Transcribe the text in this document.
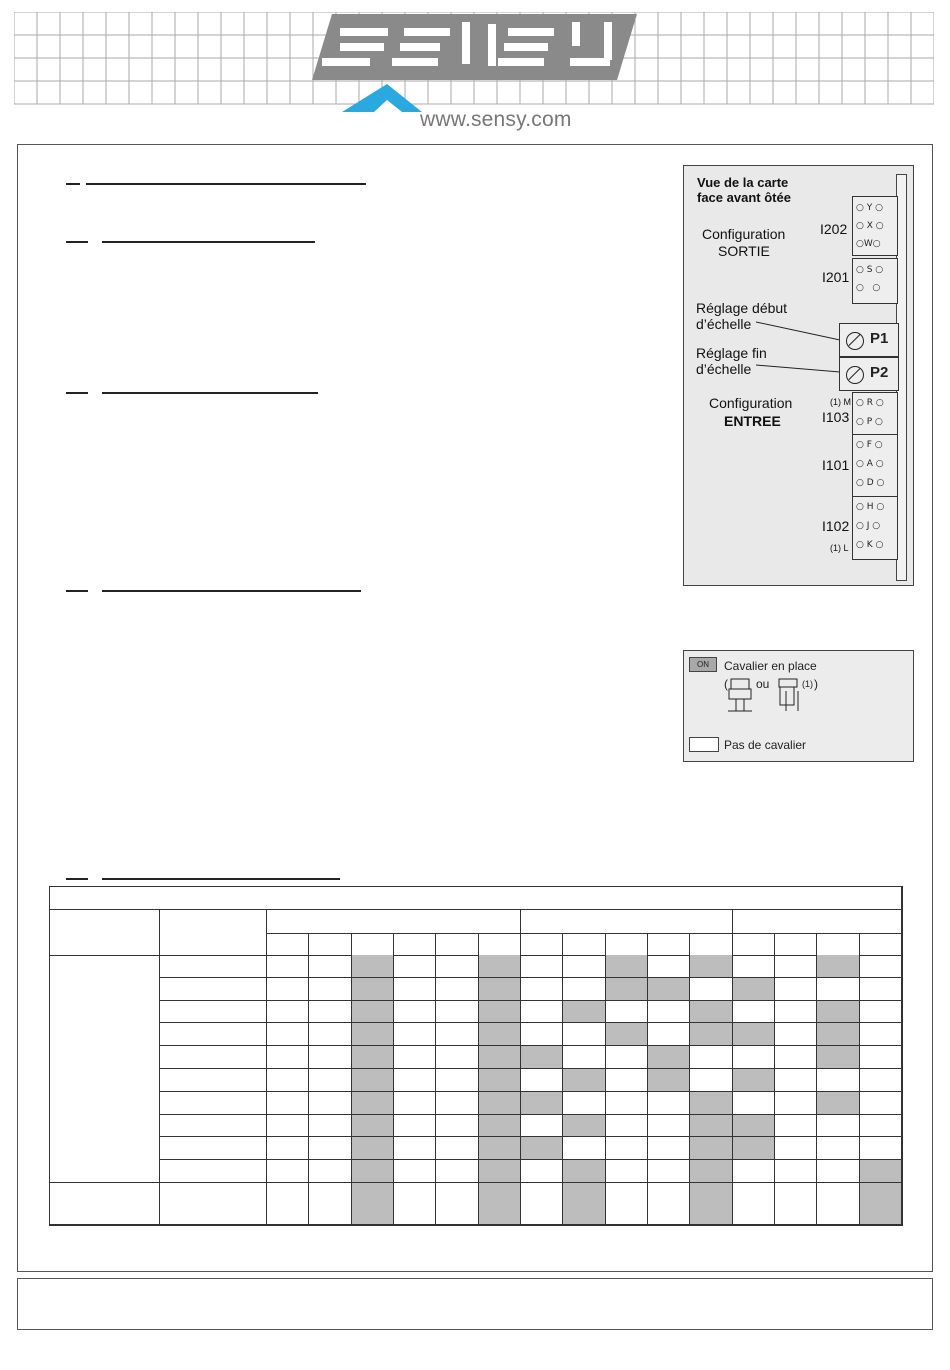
www.sensy.com
Vue de la carte
face avant ôtée
Configuration
SORTIE
I202
I201
○ Y ○
○ X ○
○W○
○ S ○
○   ○
Réglage début
d’échelle
P1
Réglage fin
d’échelle	P2
Configuration
ENTREE
(1) M
I103
I101
I102
(1) L
○ R ○
○ P ○
○ F ○
○ A ○
○ D ○
○ H ○
○ J ○
○ K ○
ON	Cavalier en place
( ou	(1) )
Pas de cavalier
